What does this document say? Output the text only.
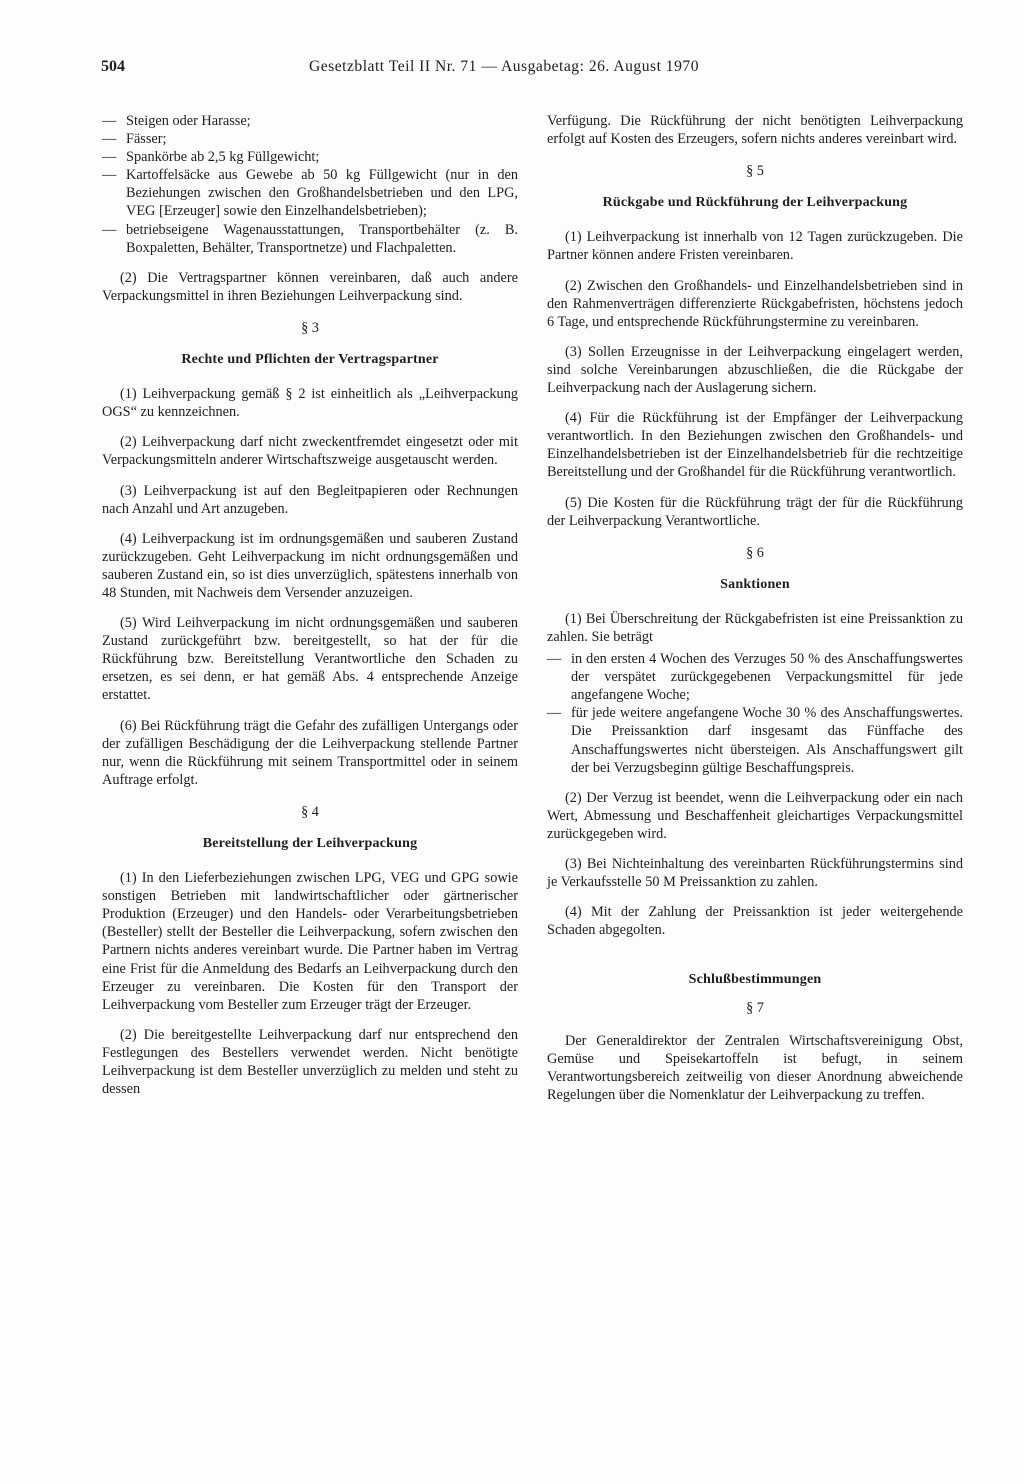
504	Gesetzblatt Teil II Nr. 71 — Ausgabetag: 26. August 1970
— Steigen oder Harasse;
— Fässer;
— Spankörbe ab 2,5 kg Füllgewicht;
— Kartoffelsäcke aus Gewebe ab 50 kg Füllgewicht (nur in den Beziehungen zwischen den Großhandelsbetrieben und den LPG, VEG [Erzeuger] sowie den Einzelhandelsbetrieben);
— betriebseigene Wagenausstattungen, Transportbehälter (z. B. Boxpaletten, Behälter, Transportnetze) und Flachpaletten.

(2) Die Vertragspartner können vereinbaren, daß auch andere Verpackungsmittel in ihren Beziehungen Leihverpackung sind.

§ 3
Rechte und Pflichten der Vertragspartner

(1) Leihverpackung gemäß § 2 ist einheitlich als „Leihverpackung OGS“ zu kennzeichnen.

(2) Leihverpackung darf nicht zweckentfremdet eingesetzt oder mit Verpackungsmitteln anderer Wirtschaftszweige ausgetauscht werden.

(3) Leihverpackung ist auf den Begleitpapieren oder Rechnungen nach Anzahl und Art anzugeben.

(4) Leihverpackung ist im ordnungsgemäßen und sauberen Zustand zurückzugeben. Geht Leihverpackung im nicht ordnungsgemäßen und sauberen Zustand ein, so ist dies unverzüglich, spätestens innerhalb von 48 Stunden, mit Nachweis dem Versender anzuzeigen.

(5) Wird Leihverpackung im nicht ordnungsgemäßen und sauberen Zustand zurückgeführt bzw. bereitgestellt, so hat der für die Rückführung bzw. Bereitstellung Verantwortliche den Schaden zu ersetzen, es sei denn, er hat gemäß Abs. 4 entsprechende Anzeige erstattet.

(6) Bei Rückführung trägt die Gefahr des zufälligen Untergangs oder der zufälligen Beschädigung der die Leihverpackung stellende Partner nur, wenn die Rückführung mit seinem Transportmittel oder in seinem Auftrage erfolgt.

§ 4
Bereitstellung der Leihverpackung

(1) In den Lieferbeziehungen zwischen LPG, VEG und GPG sowie sonstigen Betrieben mit landwirtschaftlicher oder gärtnerischer Produktion (Erzeuger) und den Handels- oder Verarbeitungsbetrieben (Besteller) stellt der Besteller die Leihverpackung, sofern zwischen den Partnern nichts anderes vereinbart wurde. Die Partner haben im Vertrag eine Frist für die Anmeldung des Bedarfs an Leihverpackung durch den Erzeuger zu vereinbaren. Die Kosten für den Transport der Leihverpackung vom Besteller zum Erzeuger trägt der Erzeuger.

(2) Die bereitgestellte Leihverpackung darf nur entsprechend den Festlegungen des Bestellers verwendet werden. Nicht benötigte Leihverpackung ist dem Besteller unverzüglich zu melden und steht zu dessen

Verfügung. Die Rückführung der nicht benötigten Leihverpackung erfolgt auf Kosten des Erzeugers, sofern nichts anderes vereinbart wird.

§ 5
Rückgabe und Rückführung der Leihverpackung

(1) Leihverpackung ist innerhalb von 12 Tagen zurückzugeben. Die Partner können andere Fristen vereinbaren.

(2) Zwischen den Großhandels- und Einzelhandelsbetrieben sind in den Rahmenverträgen differenzierte Rückgabefristen, höchstens jedoch 6 Tage, und entsprechende Rückführungstermine zu vereinbaren.

(3) Sollen Erzeugnisse in der Leihverpackung eingelagert werden, sind solche Vereinbarungen abzuschließen, die die Rückgabe der Leihverpackung nach der Auslagerung sichern.

(4) Für die Rückführung ist der Empfänger der Leihverpackung verantwortlich. In den Beziehungen zwischen den Großhandels- und Einzelhandelsbetrieben ist der Einzelhandelsbetrieb für die rechtzeitige Bereitstellung und der Großhandel für die Rückführung verantwortlich.

(5) Die Kosten für die Rückführung trägt der für die Rückführung der Leihverpackung Verantwortliche.

§ 6
Sanktionen

(1) Bei Überschreitung der Rückgabefristen ist eine Preissanktion zu zahlen. Sie beträgt

— in den ersten 4 Wochen des Verzuges 50 % des Anschaffungswertes der verspätet zurückgegebenen Verpackungsmittel für jede angefangene Woche;
— für jede weitere angefangene Woche 30 % des Anschaffungswertes. Die Preissanktion darf insgesamt das Fünffache des Anschaffungswertes nicht übersteigen. Als Anschaffungswert gilt der bei Verzugsbeginn gültige Beschaffungspreis.

(2) Der Verzug ist beendet, wenn die Leihverpackung oder ein nach Wert, Abmessung und Beschaffenheit gleichartiges Verpackungsmittel zurückgegeben wird.

(3) Bei Nichteinhaltung des vereinbarten Rückführungstermins sind je Verkaufsstelle 50 M Preissanktion zu zahlen.

(4) Mit der Zahlung der Preissanktion ist jeder weitergehende Schaden abgegolten.

Schlußbestimmungen
§ 7

Der Generaldirektor der Zentralen Wirtschaftsvereinigung Obst, Gemüse und Speisekartoffeln ist befugt, in seinem Verantwortungsbereich zeitweilig von dieser Anordnung abweichende Regelungen über die Nomenklatur der Leihverpackung zu treffen.
